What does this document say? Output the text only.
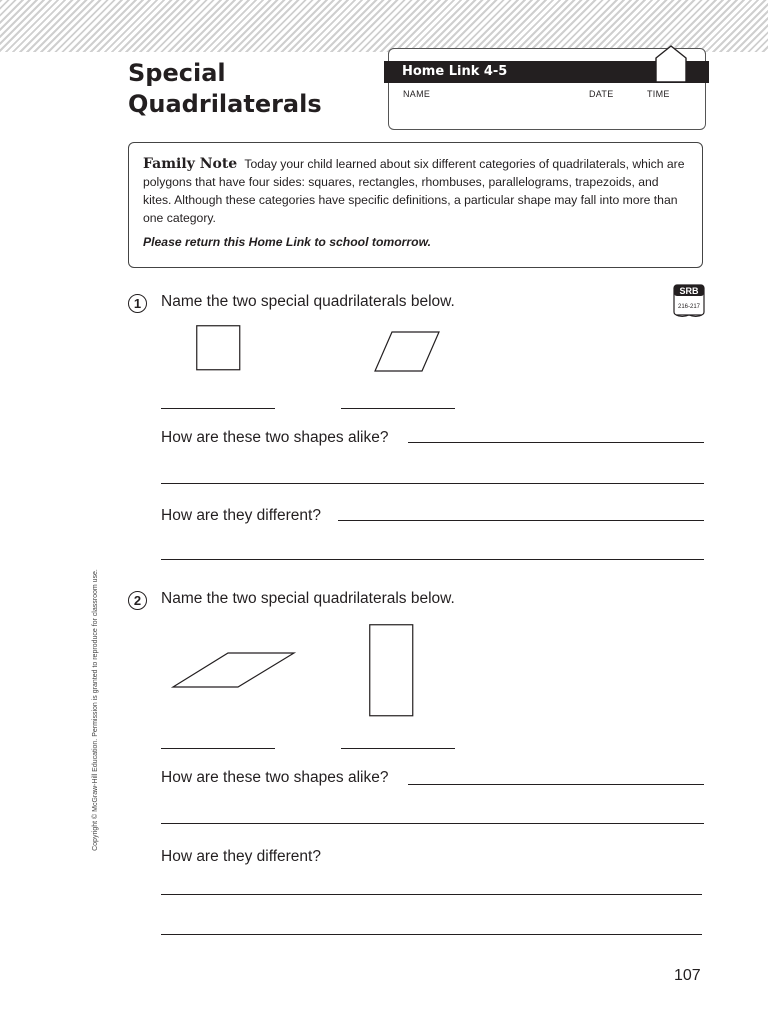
Special
Quadrilaterals
Home Link 4-5
NAME	DATE	TIME

Family Note Today your child learned about six different categories of quadrilaterals, which are polygons that have four sides: squares, rectangles, rhombuses, parallelograms, trapezoids, and kites. Although these categories have specific definitions, a particular shape may fall into more than one category.

Please return this Home Link to school tomorrow.

SRB
216-217
1	Name the two special quadrilaterals below.
How are these two shapes alike?
How are they different?
2	Name the two special quadrilaterals below.
How are these two shapes alike?
How are they different?
Copyright © McGraw-Hill Education. Permission is granted to reproduce for classroom use.
107
